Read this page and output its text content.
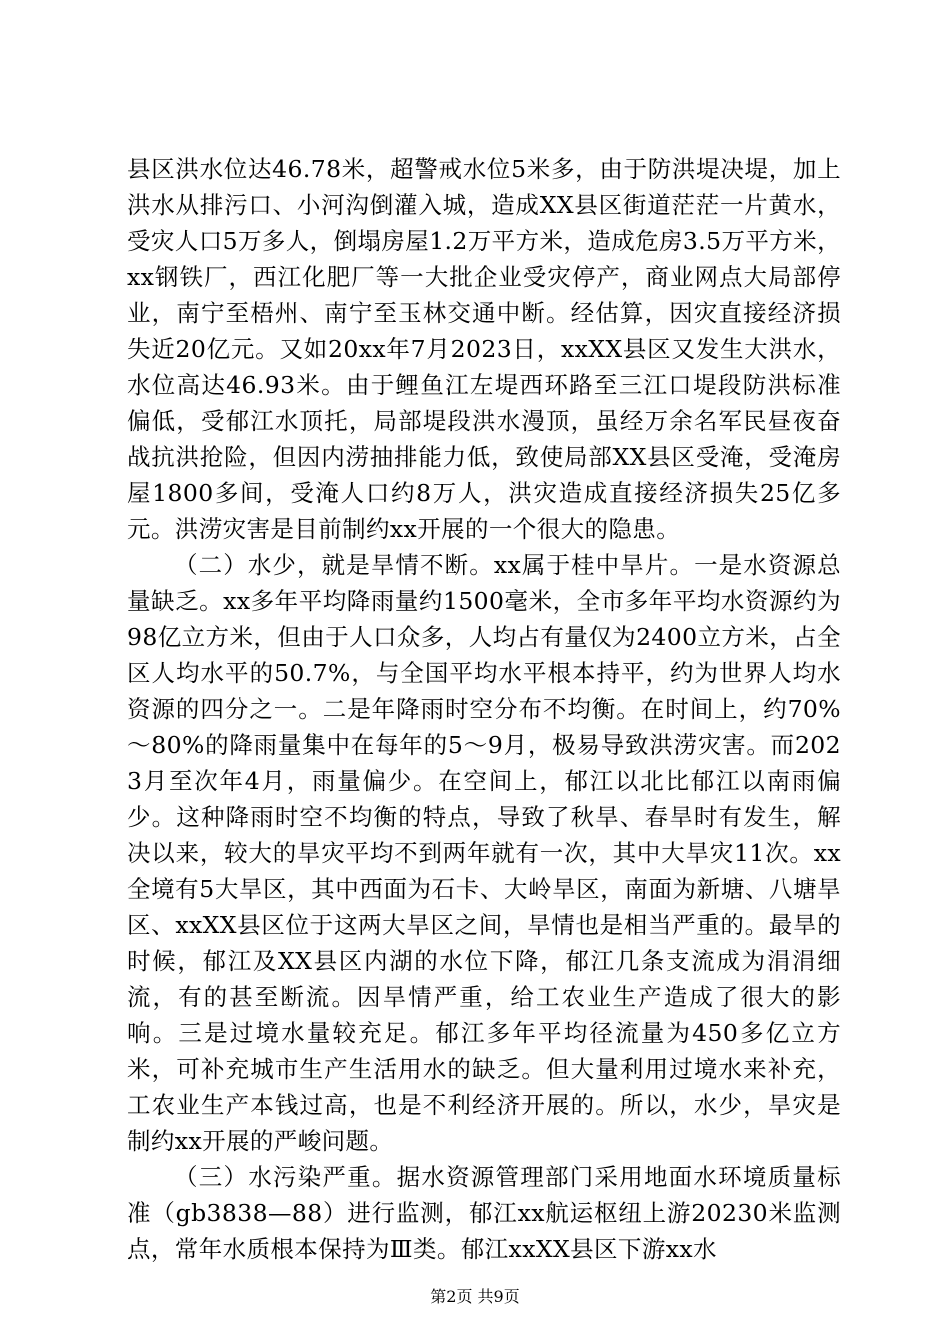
县区洪水位达46.78米，超警戒水位5米多，由于防洪堤决堤，加上洪水从排污口、小河沟倒灌入城，造成XX县区街道茫茫一片黄水，受灾人口5万多人，倒塌房屋1.2万平方米，造成危房3.5万平方米，xx钢铁厂，西江化肥厂等一大批企业受灾停产，商业网点大局部停业，南宁至梧州、南宁至玉林交通中断。经估算，因灾直接经济损失近20亿元。又如20xx年7月2023日，xxXX县区又发生大洪水，水位高达46.93米。由于鲤鱼江左堤西环路至三江口堤段防洪标准偏低，受郁江水顶托，局部堤段洪水漫顶，虽经万余名军民昼夜奋战抗洪抢险，但因内涝抽排能力低，致使局部XX县区受淹，受淹房屋1800多间，受淹人口约8万人，洪灾造成直接经济损失25亿多元。洪涝灾害是目前制约xx开展的一个很大的隐患。

（二）水少，就是旱情不断。xx属于桂中旱片。一是水资源总量缺乏。xx多年平均降雨量约1500毫米，全市多年平均水资源约为98亿立方米，但由于人口众多，人均占有量仅为2400立方米，占全区人均水平的50.7%，与全国平均水平根本持平，约为世界人均水资源的四分之一。二是年降雨时空分布不均衡。在时间上，约70%～80%的降雨量集中在每年的5～9月，极易导致洪涝灾害。而2023月至次年4月，雨量偏少。在空间上，郁江以北比郁江以南雨偏少。这种降雨时空不均衡的特点，导致了秋旱、春旱时有发生，解决以来，较大的旱灾平均不到两年就有一次，其中大旱灾11次。xx全境有5大旱区，其中西面为石卡、大岭旱区，南面为新塘、八塘旱区、xxXX县区位于这两大旱区之间，旱情也是相当严重的。最旱的时候，郁江及XX县区内湖的水位下降，郁江几条支流成为涓涓细流，有的甚至断流。因旱情严重，给工农业生产造成了很大的影响。三是过境水量较充足。郁江多年平均径流量为450多亿立方米，可补充城市生产生活用水的缺乏。但大量利用过境水来补充，工农业生产本钱过高，也是不利经济开展的。所以，水少，旱灾是制约xx开展的严峻问题。

（三）水污染严重。据水资源管理部门采用地面水环境质量标准（gb3838—88）进行监测，郁江xx航运枢纽上游20230米监测点，常年水质根本保持为Ⅲ类。郁江xxXX县区下游xx水

第2页 共9页
